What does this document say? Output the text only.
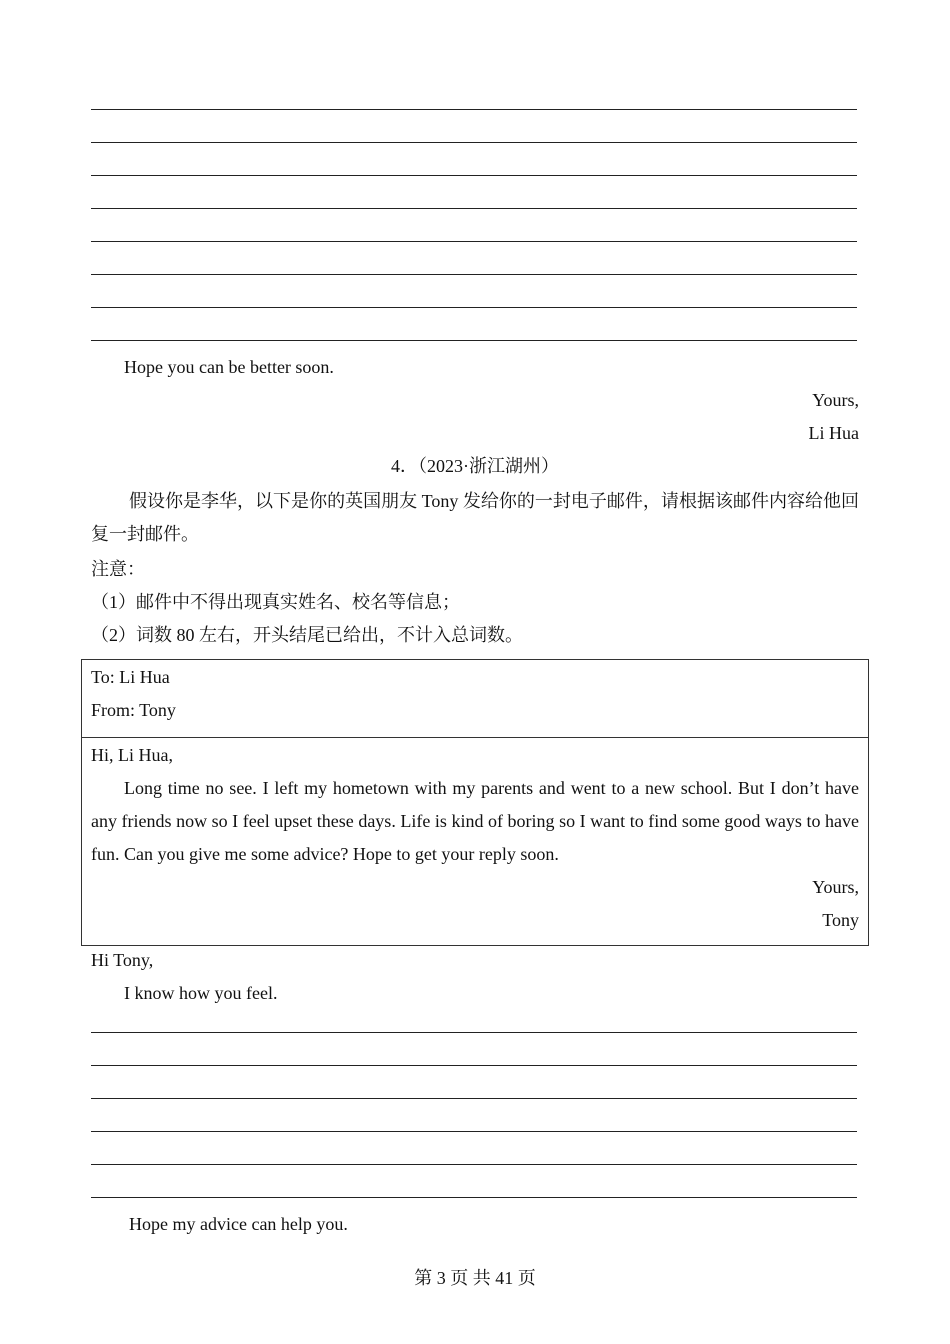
Hope you can be better soon.
Yours,
Li Hua
4．（2023·浙江湖州）
假设你是李华，以下是你的英国朋友 Tony 发给你的一封电子邮件，请根据该邮件内容给他回复一封邮件。
注意：
（1）邮件中不得出现真实姓名、校名等信息；
（2）词数 80 左右，开头结尾已给出，不计入总词数。
To: Li Hua
From: Tony
Hi, Li Hua,
Long time no see. I left my hometown with my parents and went to a new school. But I don’t have any friends now so I feel upset these days. Life is kind of boring so I want to find some good ways to have fun. Can you give me some advice? Hope to get your reply soon.
Yours,
Tony
Hi Tony,
I know how you feel.
Hope my advice can help you.
第 3 页 共 41 页
